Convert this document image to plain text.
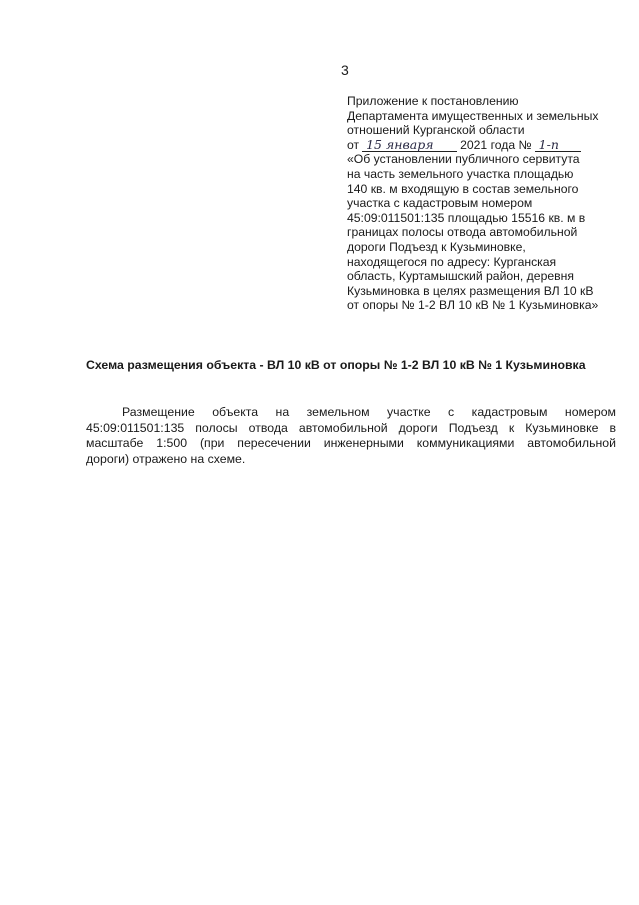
3
Приложение к постановлению
Департамента имущественных и земельных
отношений Курганской области
от 15 января 2021 года № 1-п
«Об установлении публичного сервитута
на часть земельного участка площадью
140 кв. м входящую в состав земельного
участка с кадастровым номером
45:09:011501:135 площадью 15516 кв. м в
границах полосы отвода автомобильной
дороги Подъезд к Кузьминовке,
находящегося по адресу: Курганская
область, Куртамышский район, деревня
Кузьминовка в целях размещения ВЛ 10 кВ
от опоры № 1-2 ВЛ 10 кВ № 1 Кузьминовка»
Схема размещения объекта - ВЛ 10 кВ от опоры № 1-2 ВЛ 10 кВ № 1 Кузьминовка
Размещение объекта на земельном участке с кадастровым номером
45:09:011501:135 полосы отвода автомобильной дороги Подъезд к Кузьминовке в
масштабе 1:500 (при пересечении инженерными коммуникациями автомобильной
дороги) отражено на схеме.
